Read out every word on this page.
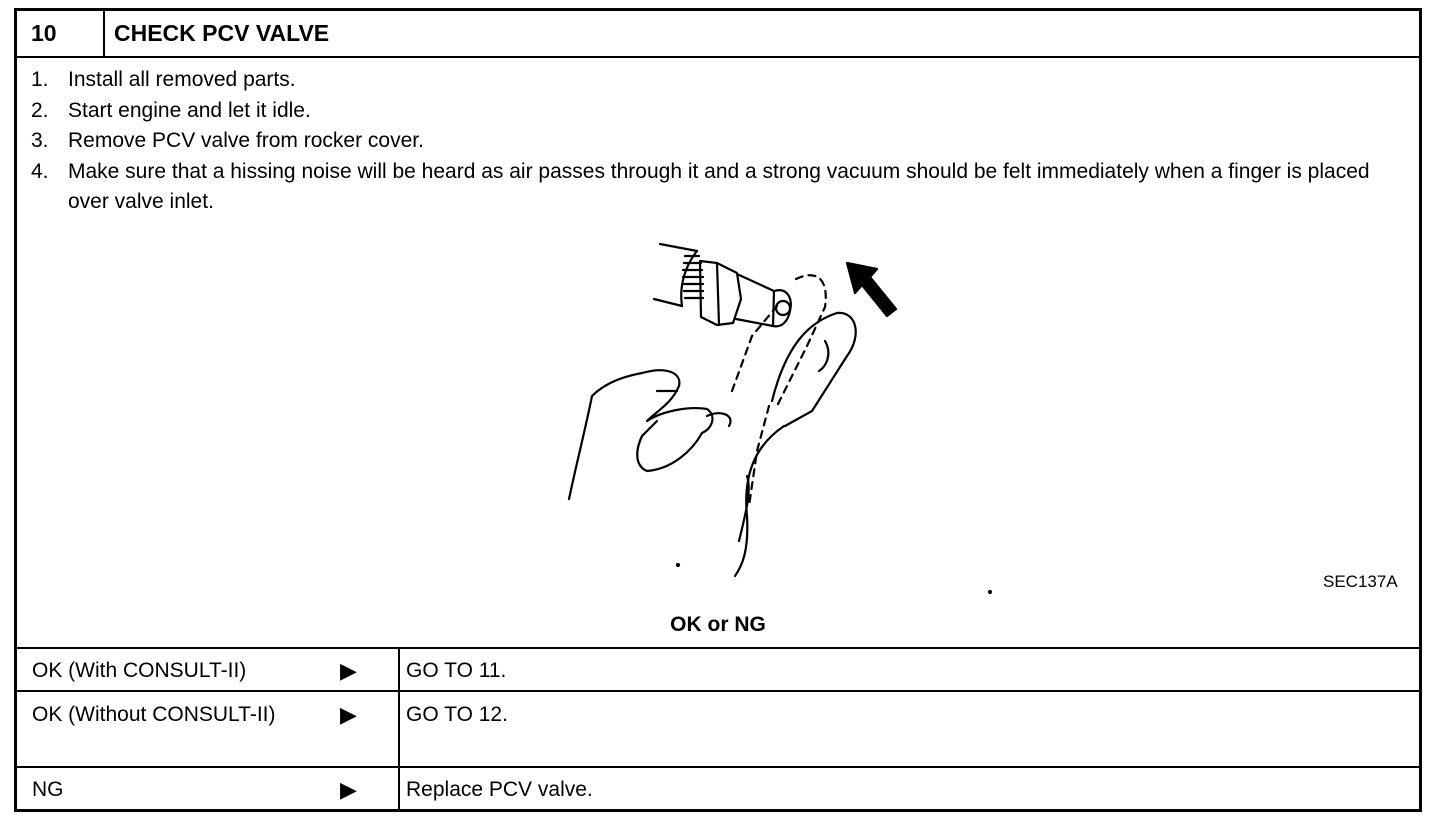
10	CHECK PCV VALVE
1. Install all removed parts.
2. Start engine and let it idle.
3. Remove PCV valve from rocker cover.
4. Make sure that a hissing noise will be heard as air passes through it and a strong vacuum should be felt immediately when a finger is placed over valve inlet.
SEC137A
OK or NG
OK (With CONSULT-II)	▶ GO TO 11.
OK (Without CONSULT-II)	▶ GO TO 12.
NG	▶ Replace PCV valve.
